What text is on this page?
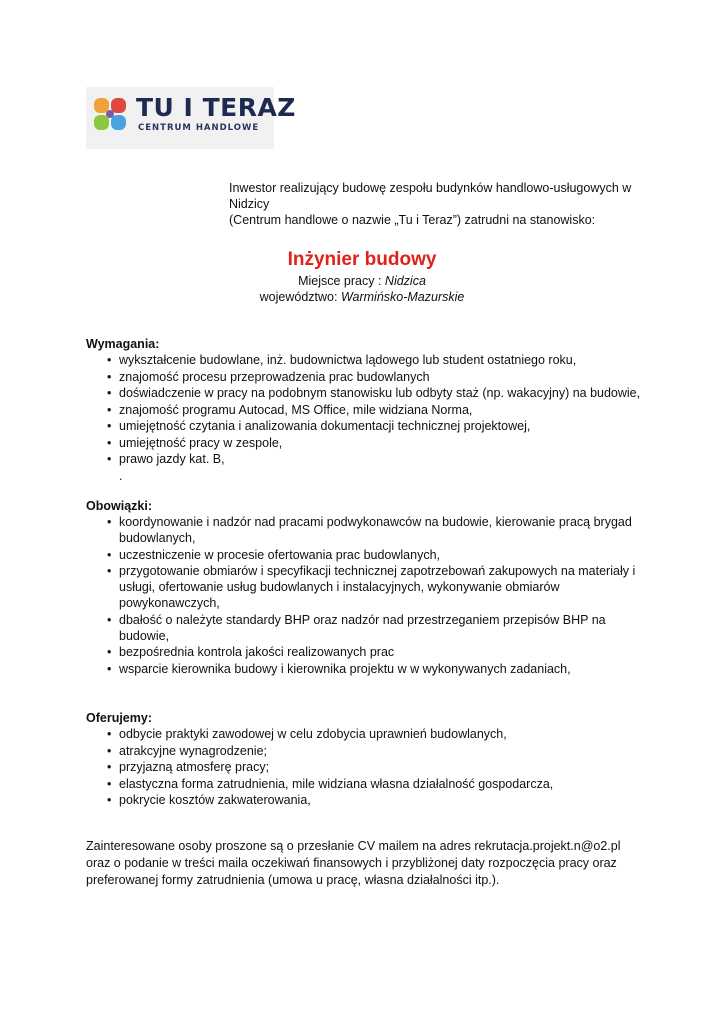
TU I TERAZ
CENTRUM HANDLOWE

Inwestor realizujący budowę zespołu budynków handlowo-usługowych w Nidzicy

(Centrum handlowe o nazwie „Tu i Teraz”) zatrudni na stanowisko:

Inżynier budowy
Miejsce pracy : Nidzica
województwo: Warmińsko-Mazurskie
Wymagania:
• wykształcenie budowlane, inż. budownictwa lądowego lub student ostatniego roku,
• znajomość procesu przeprowadzenia prac budowlanych
• doświadczenie w pracy na podobnym stanowisku lub odbyty staż (np. wakacyjny) na budowie,
• znajomość programu Autocad, MS Office, mile widziana Norma,
• umiejętność czytania i analizowania dokumentacji technicznej projektowej,
• umiejętność pracy w zespole,
• prawo jazdy kat. B,
.
Obowiązki:
• koordynowanie i nadzór nad pracami podwykonawców na budowie, kierowanie pracą brygad budowlanych,
• uczestniczenie w procesie ofertowania prac budowlanych,
• przygotowanie obmiarów i specyfikacji technicznej zapotrzebowań zakupowych na materiały i usługi, ofertowanie usług budowlanych i instalacyjnych, wykonywanie obmiarów powykonawczych,
• dbałość o należyte standardy BHP oraz nadzór nad przestrzeganiem przepisów BHP na budowie,
• bezpośrednia kontrola jakości realizowanych prac
• wsparcie kierownika budowy i kierownika projektu w w wykonywanych zadaniach,
Oferujemy:
• odbycie praktyki zawodowej w celu zdobycia uprawnień budowlanych,
• atrakcyjne wynagrodzenie;
• przyjazną atmosferę pracy;
• elastyczna forma zatrudnienia, mile widziana własna działalność gospodarcza,
• pokrycie kosztów zakwaterowania,
Zainteresowane osoby proszone są o przesłanie CV mailem na adres rekrutacja.projekt.n@o2.pl oraz o podanie w treści maila oczekiwań finansowych i przybliżonej daty rozpoczęcia pracy oraz preferowanej formy zatrudnienia (umowa u pracę, własna działalności itp.).
